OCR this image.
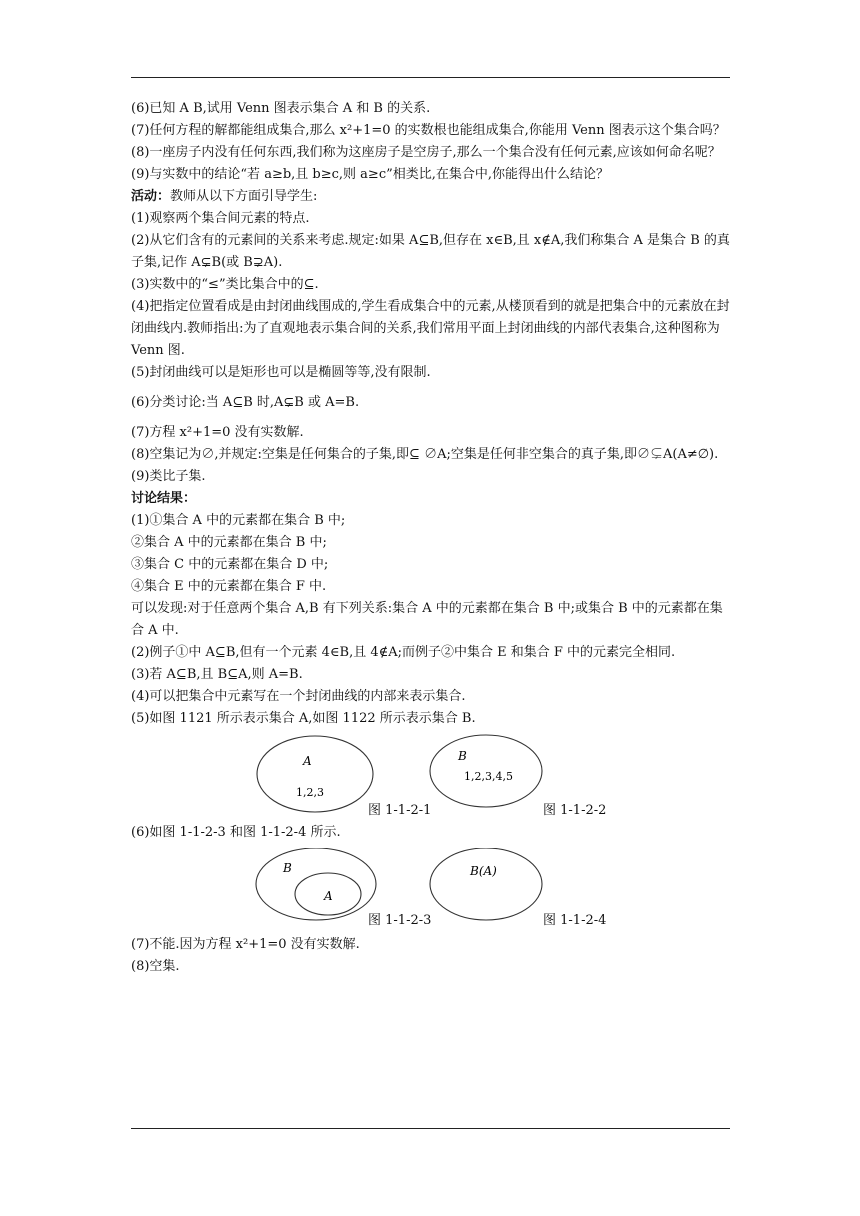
(6)已知 A B,试用 Venn 图表示集合 A 和 B 的关系.

(7)任何方程的解都能组成集合,那么 x²+1=0 的实数根也能组成集合,你能用 Venn 图表示这个集合吗？

(8)一座房子内没有任何东西,我们称为这座房子是空房子,那么一个集合没有任何元素,应该如何命名呢？

(9)与实数中的结论“若 a≥b,且 b≥c,则 a≥c”相类比,在集合中,你能得出什么结论？

活动：教师从以下方面引导学生:

(1)观察两个集合间元素的特点.

(2)从它们含有的元素间的关系来考虑.规定:如果 A⊆B,但存在 x∈B,且 x∉A,我们称集合 A 是集合 B 的真子集,记作 A⊊B(或 B⊋A).

(3)实数中的“≤”类比集合中的⊆.

(4)把指定位置看成是由封闭曲线围成的,学生看成集合中的元素,从楼顶看到的就是把集合中的元素放在封闭曲线内.教师指出:为了直观地表示集合间的关系,我们常用平面上封闭曲线的内部代表集合,这种图称为 Venn 图.

(5)封闭曲线可以是矩形也可以是椭圆等等,没有限制.

(6)分类讨论:当 A⊆B 时,A⊊B 或 A=B.

(7)方程 x²+1=0 没有实数解.

(8)空集记为∅,并规定:空集是任何集合的子集,即⊆ ∅A;空集是任何非空集合的真子集,即∅⊊A(A≠∅).

(9)类比子集.

讨论结果：

(1)①集合 A 中的元素都在集合 B 中;

②集合 A 中的元素都在集合 B 中;

③集合 C 中的元素都在集合 D 中;

④集合 E 中的元素都在集合 F 中.

可以发现:对于任意两个集合 A,B 有下列关系:集合 A 中的元素都在集合 B 中;或集合 B 中的元素都在集合 A 中.

(2)例子①中 A⊆B,但有一个元素 4∈B,且 4∉A;而例子②中集合 E 和集合 F 中的元素完全相同.

(3)若 A⊆B,且 B⊆A,则 A=B.

(4)可以把集合中元素写在一个封闭曲线的内部来表示集合.

(5)如图 1121 所示表示集合 A,如图 1122 所示表示集合 B.

A
1,2,3
B
1,2,3,4,5
图 1-1-2-1	图 1-1-2-2

(6)如图 1-1-2-3 和图 1-1-2-4 所示.

B
A
B(A)
图 1-1-2-3	图 1-1-2-4

(7)不能.因为方程 x²+1=0 没有实数解.

(8)空集.
